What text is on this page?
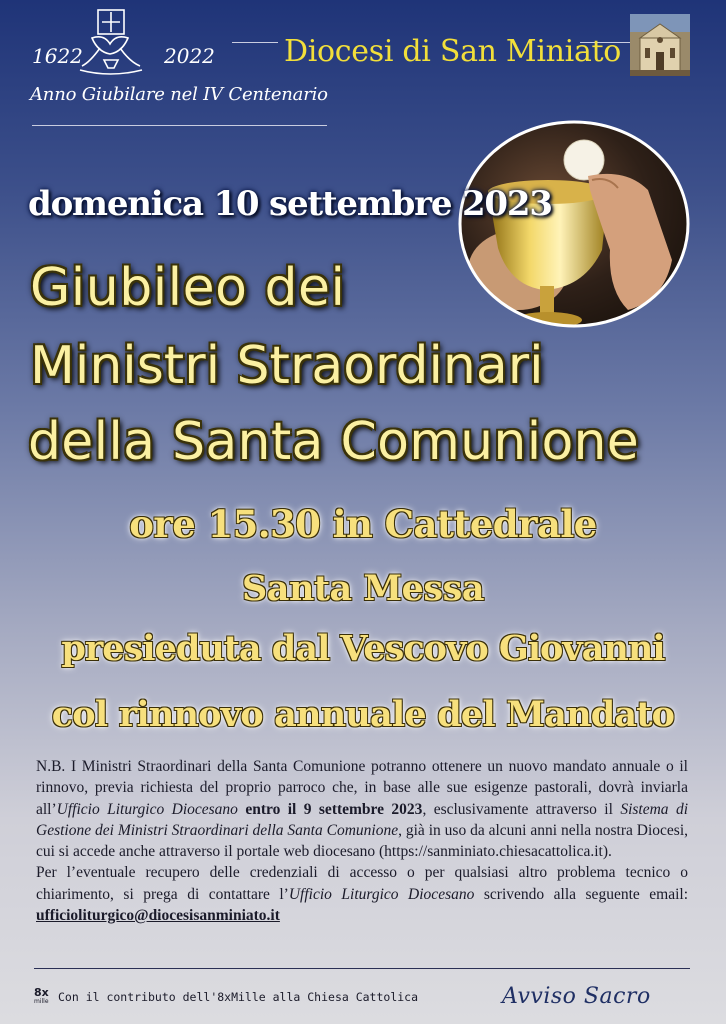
1622	2022
Anno Giubilare nel IV Centenario
Diocesi di San Miniato
domenica 10 settembre 2023
Giubileo dei
Ministri Straordinari
della Santa Comunione
ore 15.30 in Cattedrale
Santa Messa
presieduta dal Vescovo Giovanni
col rinnovo annuale del Mandato

N.B. I Ministri Straordinari della Santa Comunione potranno ottenere un nuovo mandato annuale o il rinnovo, previa richiesta del proprio parroco che, in base alle sue esigenze pastorali, dovrà inviarla all’Ufficio Liturgico Diocesano entro il 9 settembre 2023, esclusivamente attraverso il Sistema di Gestione dei Ministri Straordinari della Santa Comunione, già in uso da alcuni anni nella nostra Diocesi, cui si accede anche attraverso il portale web diocesano (https://sanminiato.chiesacattolica.it).

Per l’eventuale recupero delle credenziali di accesso o per qualsiasi altro problema tecnico o chiarimento, si prega di contattare l’Ufficio Liturgico Diocesano scrivendo alla seguente email: ufficioliturgico@diocesisanminiato.it

8x
mille Con il contributo dell'8xMille alla Chiesa Cattolica	Avviso Sacro
